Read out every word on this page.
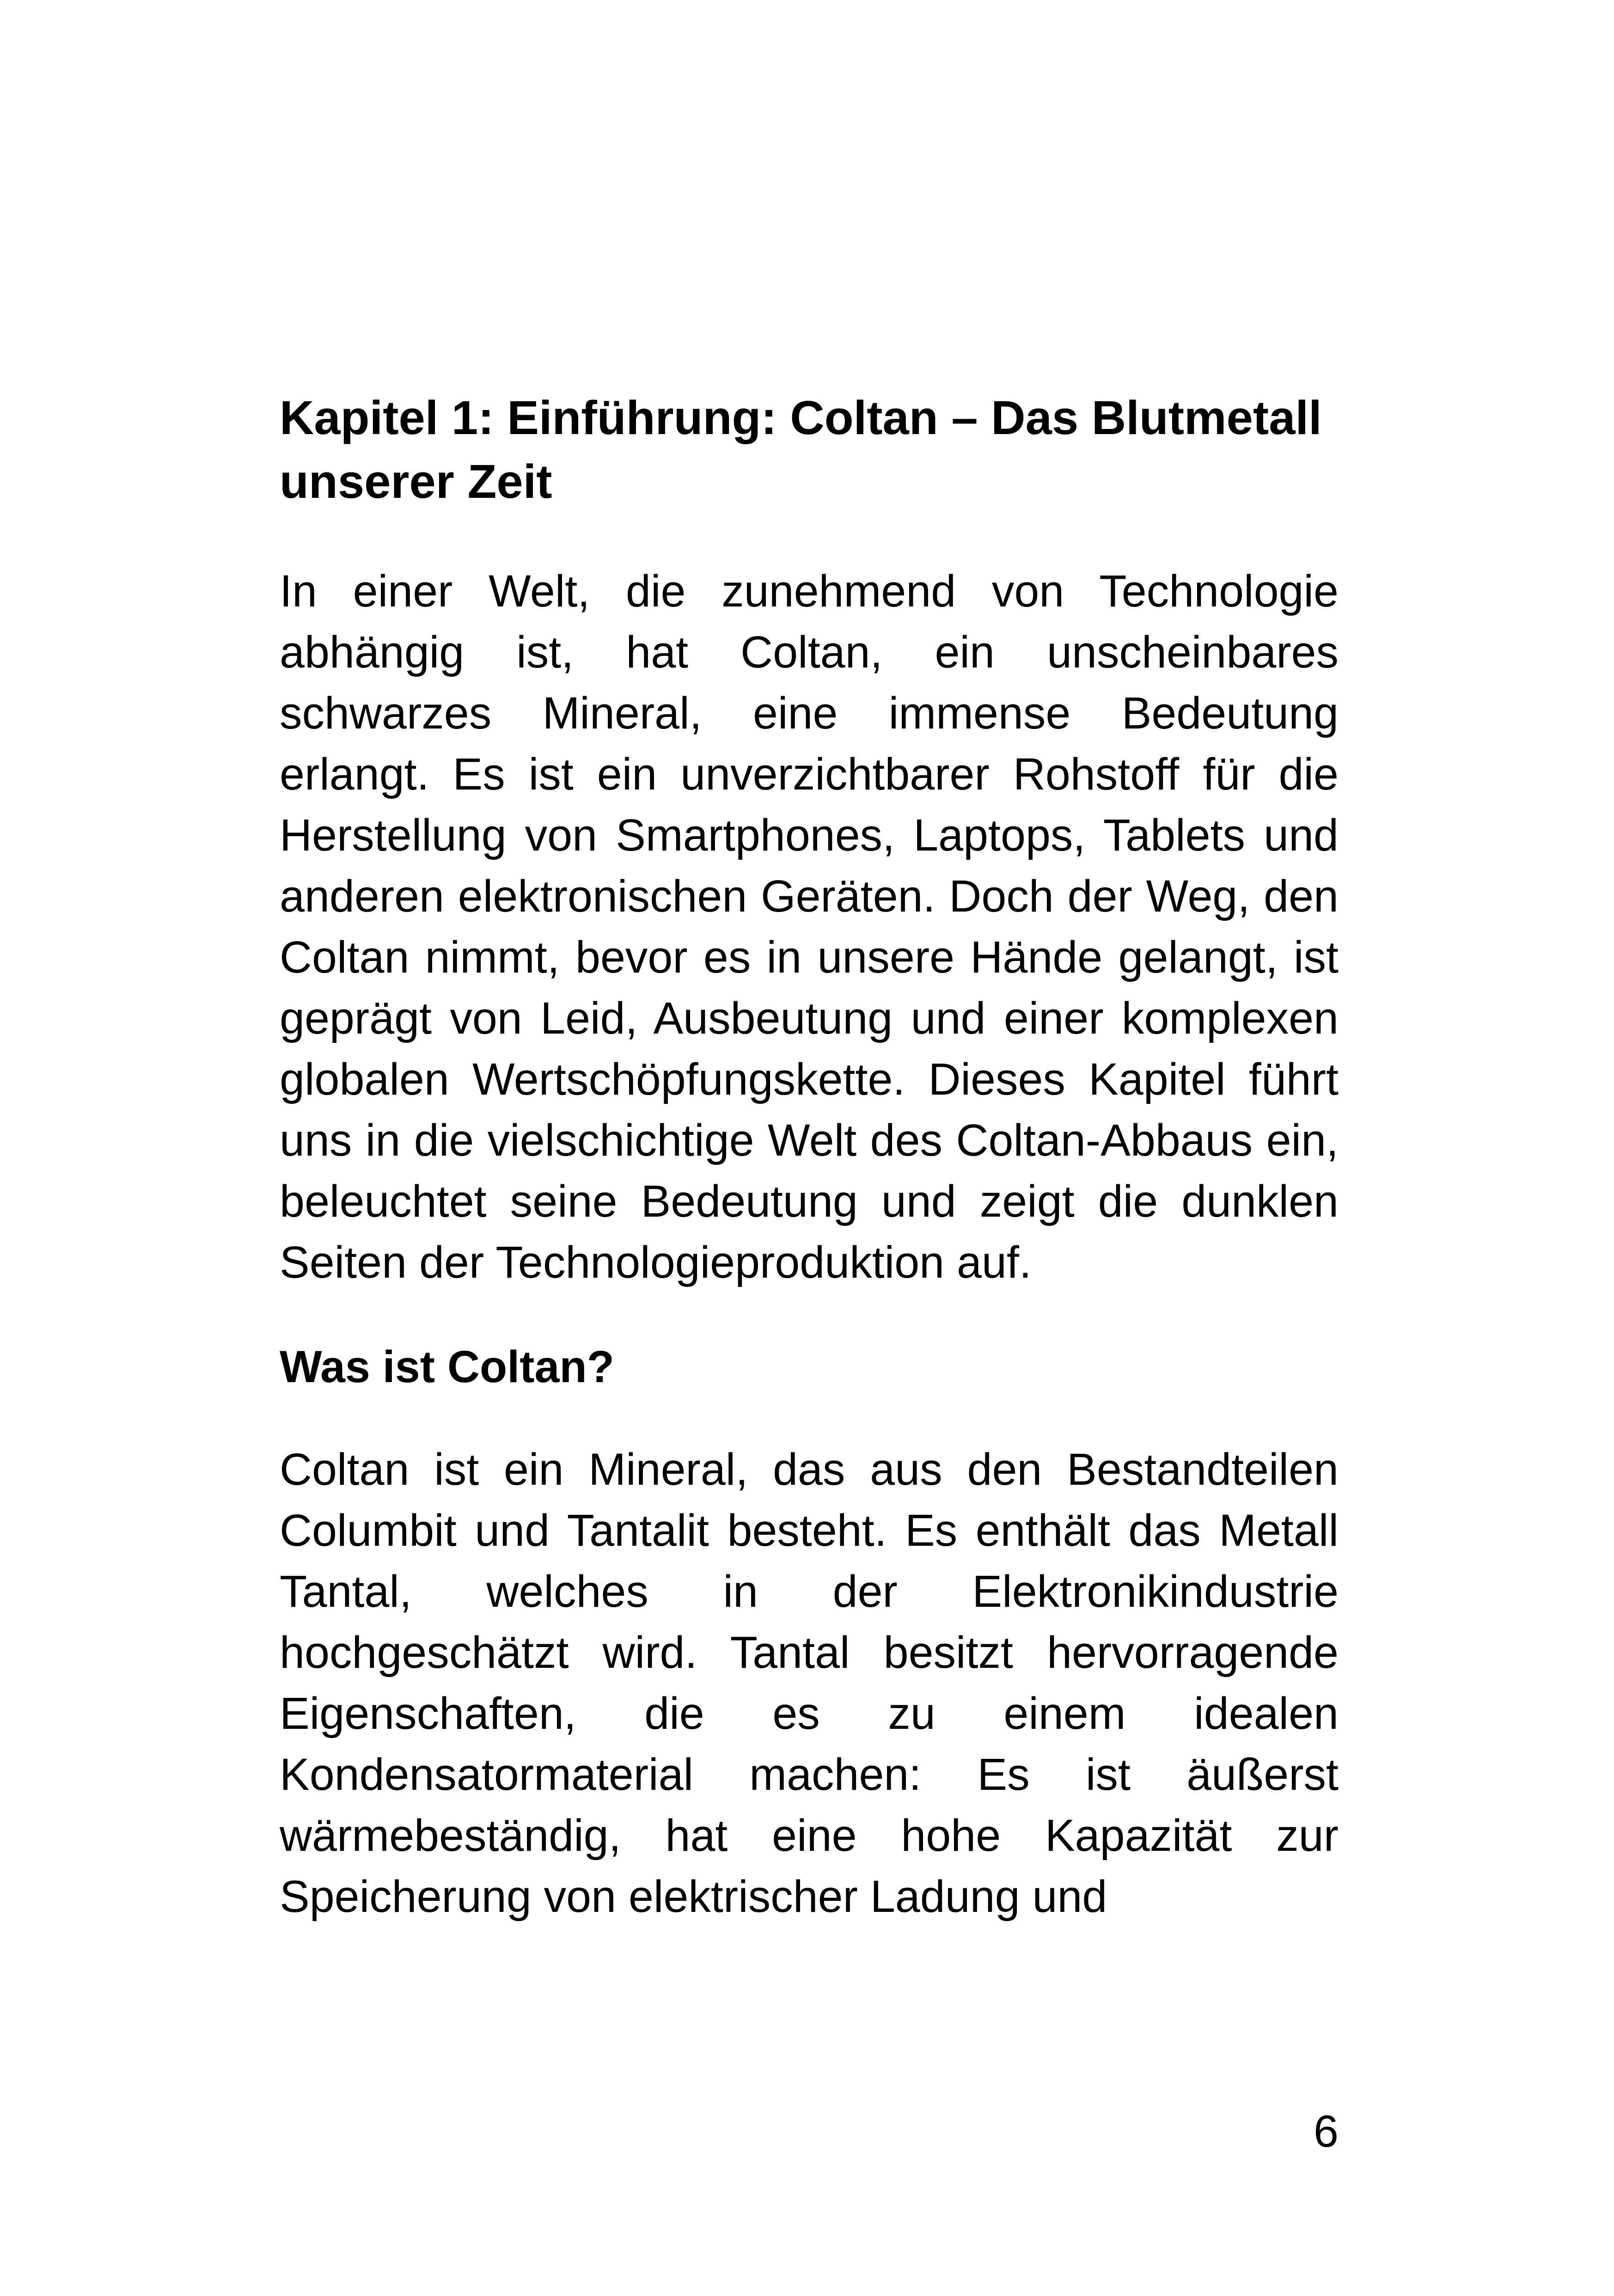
Kapitel 1: Einführung: Coltan – Das Blutmetall unserer Zeit

In einer Welt, die zunehmend von Technologie abhängig ist, hat Coltan, ein unscheinbares schwarzes Mineral, eine immense Bedeutung erlangt. Es ist ein unverzichtbarer Rohstoff für die Herstellung von Smartphones, Laptops, Tablets und anderen elektronischen Geräten. Doch der Weg, den Coltan nimmt, bevor es in unsere Hände gelangt, ist geprägt von Leid, Ausbeutung und einer komplexen globalen Wertschöpfungskette. Dieses Kapitel führt uns in die vielschichtige Welt des Coltan-Abbaus ein, beleuchtet seine Bedeutung und zeigt die dunklen Seiten der Technologieproduktion auf.

Was ist Coltan?

Coltan ist ein Mineral, das aus den Bestandteilen Columbit und Tantalit besteht. Es enthält das Metall Tantal, welches in der Elektronikindustrie hochgeschätzt wird. Tantal besitzt hervorragende Eigenschaften, die es zu einem idealen Kondensatormaterial machen: Es ist äußerst wärmebeständig, hat eine hohe Kapazität zur Speicherung von elektrischer Ladung und

6
